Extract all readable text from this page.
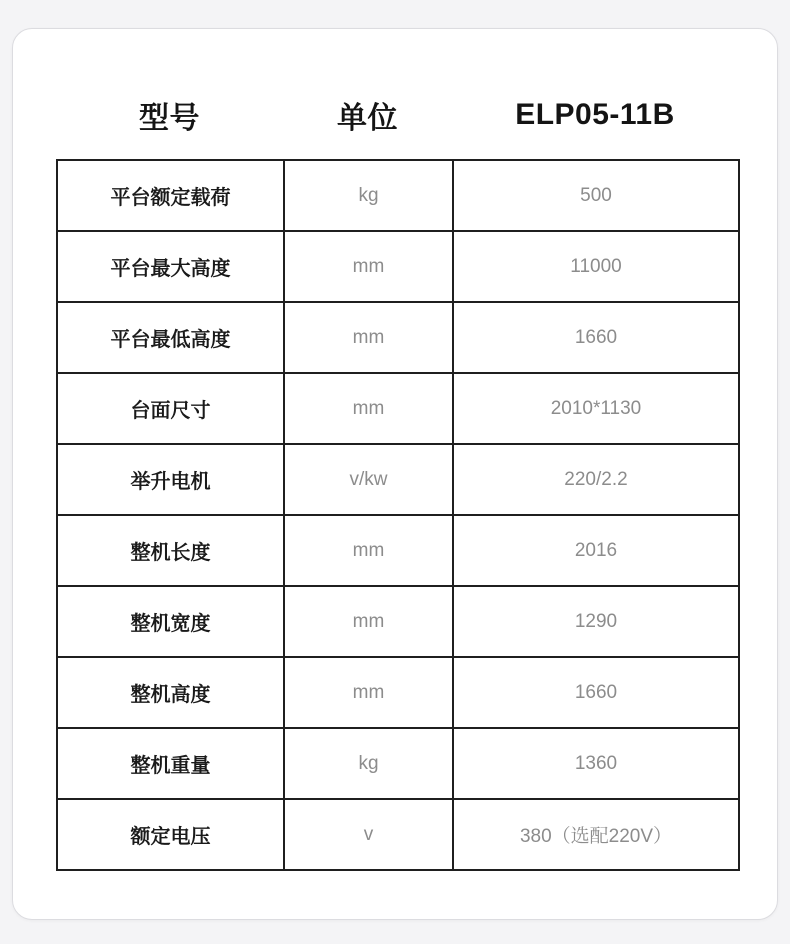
型号	单位	ELP05-11B
平台额定载荷	kg	500
平台最大高度	mm	11000
平台最低高度	mm	1660
台面尺寸	mm	2010*1130
举升电机	v/kw	220/2.2
整机长度	mm	2016
整机宽度	mm	1290
整机高度	mm	1660
整机重量	kg	1360
额定电压	v	380（选配220V）
